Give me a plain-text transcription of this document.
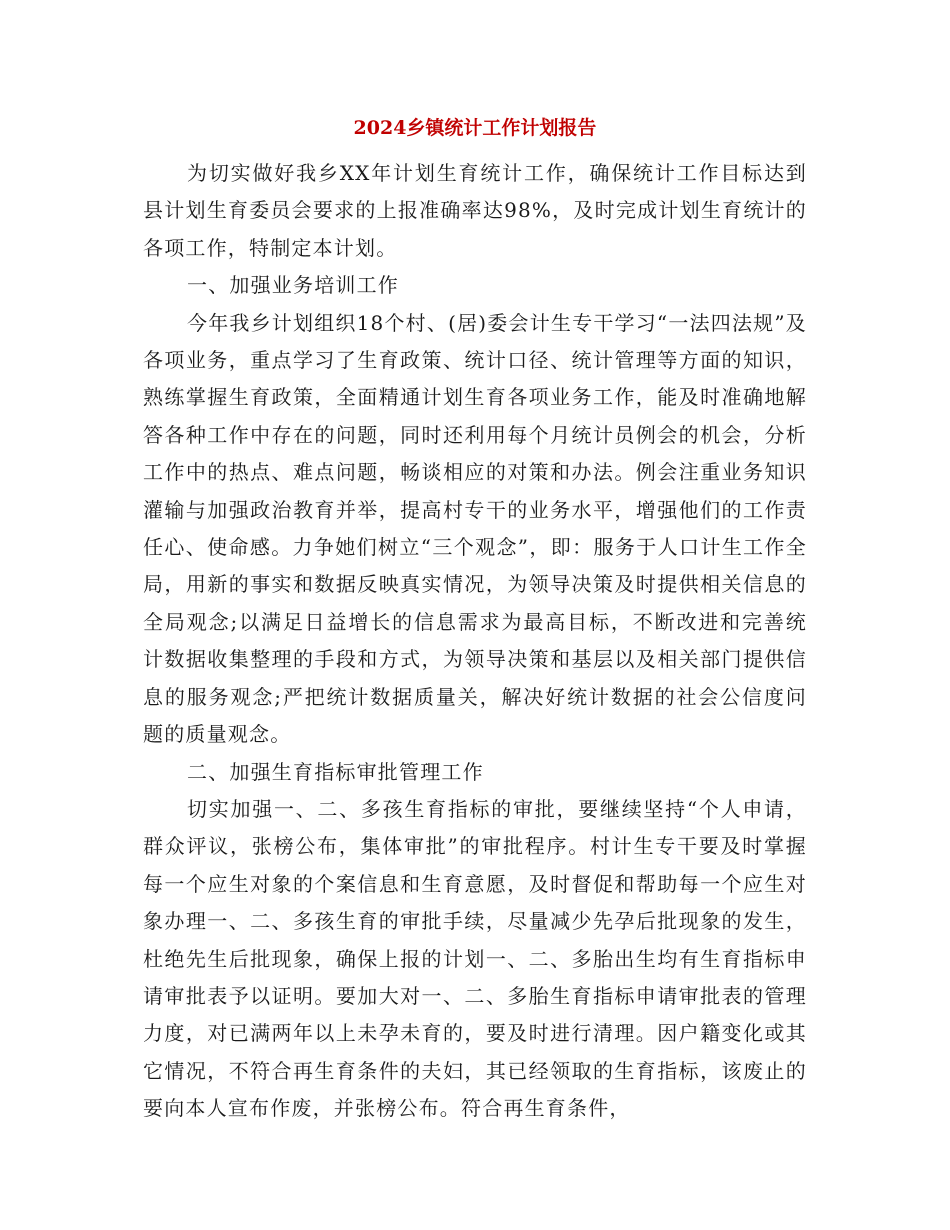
2024乡镇统计工作计划报告

为切实做好我乡XX年计划生育统计工作，确保统计工作目标达到县计划生育委员会要求的上报准确率达98%，及时完成计划生育统计的各项工作，特制定本计划。

一、加强业务培训工作

今年我乡计划组织18个村、(居)委会计生专干学习“一法四法规”及各项业务，重点学习了生育政策、统计口径、统计管理等方面的知识，熟练掌握生育政策，全面精通计划生育各项业务工作，能及时准确地解答各种工作中存在的问题，同时还利用每个月统计员例会的机会，分析工作中的热点、难点问题，畅谈相应的对策和办法。例会注重业务知识灌输与加强政治教育并举，提高村专干的业务水平，增强他们的工作责任心、使命感。力争她们树立“三个观念”，即：服务于人口计生工作全局，用新的事实和数据反映真实情况，为领导决策及时提供相关信息的全局观念;以满足日益增长的信息需求为最高目标，不断改进和完善统计数据收集整理的手段和方式，为领导决策和基层以及相关部门提供信息的服务观念;严把统计数据质量关，解决好统计数据的社会公信度问题的质量观念。

二、加强生育指标审批管理工作

切实加强一、二、多孩生育指标的审批，要继续坚持“个人申请，群众评议，张榜公布，集体审批”的审批程序。村计生专干要及时掌握每一个应生对象的个案信息和生育意愿，及时督促和帮助每一个应生对象办理一、二、多孩生育的审批手续，尽量减少先孕后批现象的发生，杜绝先生后批现象，确保上报的计划一、二、多胎出生均有生育指标申请审批表予以证明。要加大对一、二、多胎生育指标申请审批表的管理力度，对已满两年以上未孕未育的，要及时进行清理。因户籍变化或其它情况，不符合再生育条件的夫妇，其已经领取的生育指标，该废止的要向本人宣布作废，并张榜公布。符合再生育条件，
